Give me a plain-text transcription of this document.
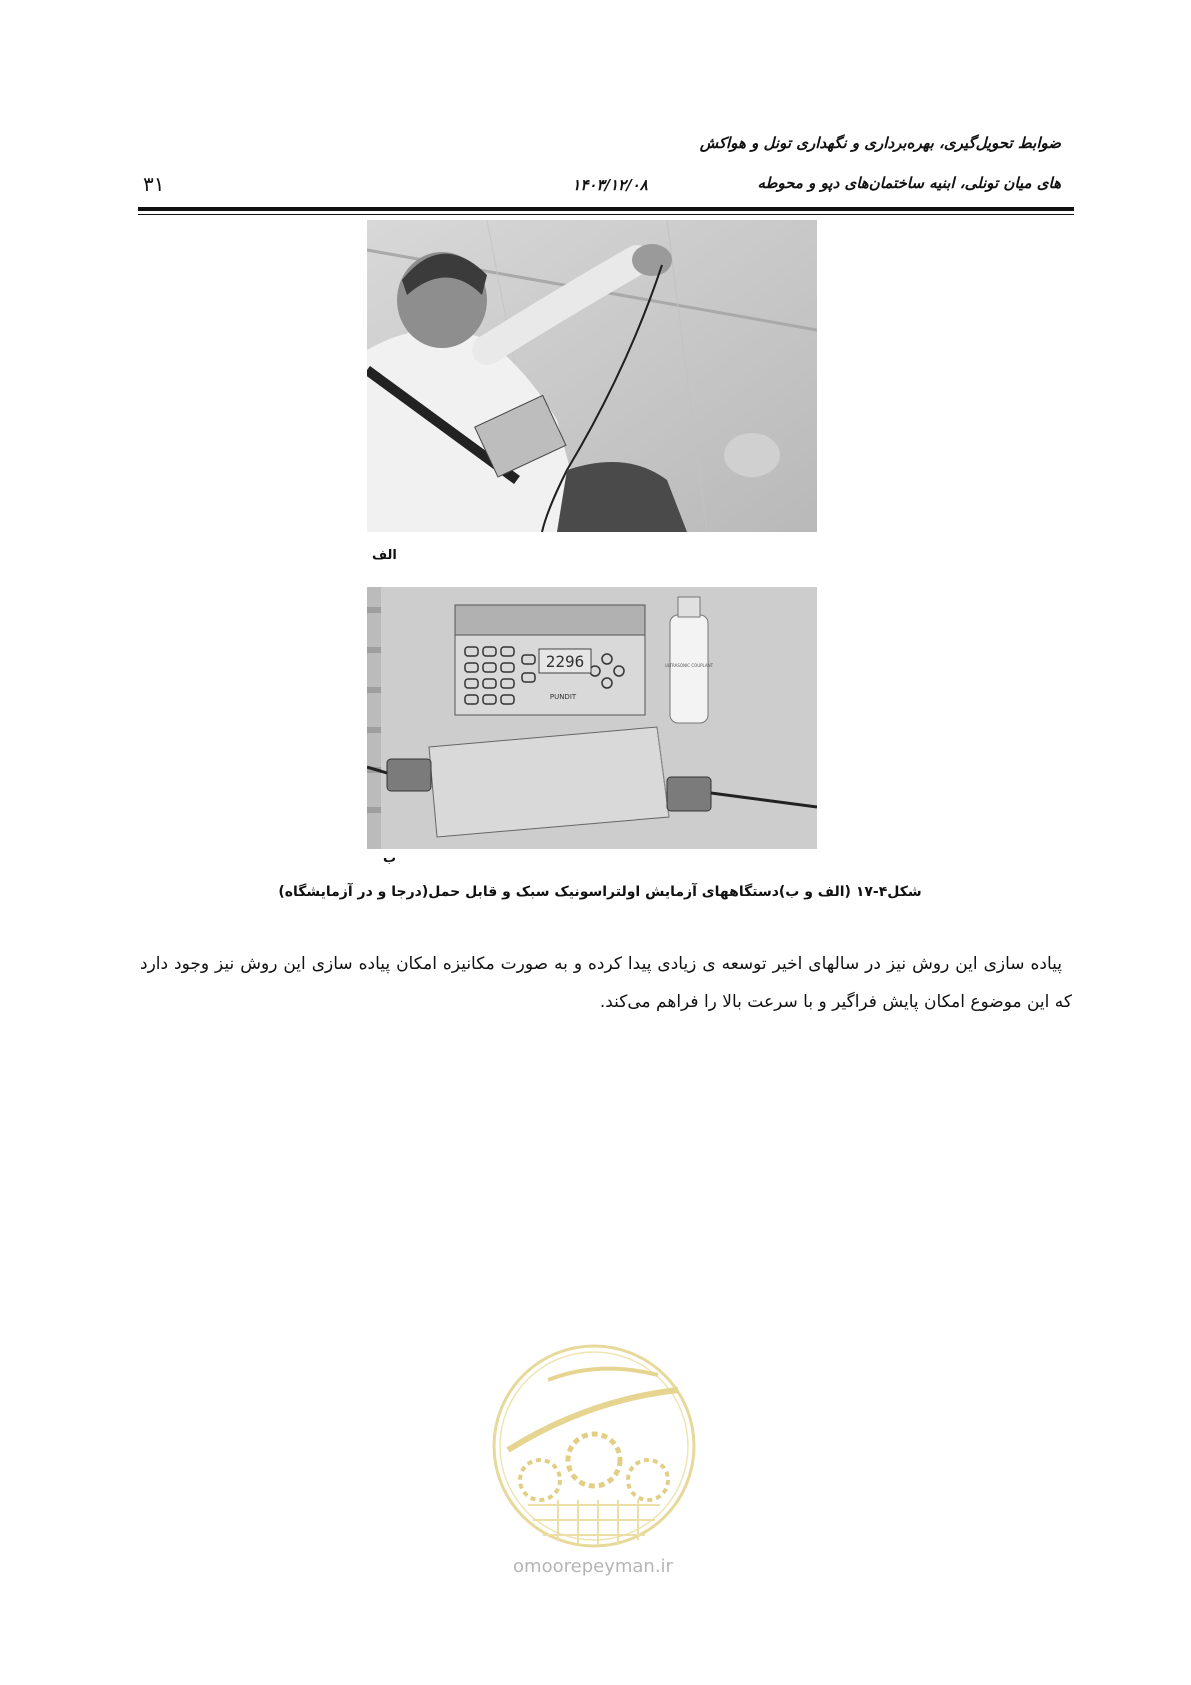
ضوابط تحویل‌گیری، بهره‌برداری و نگهداری تونل و هواکش
های میان تونلی، ابنیه ساختمان‌های دپو و محوطه
۱۴۰۳/۱۲/۰۸
۳۱
الف
2296
PUNDIT
ULTRASONIC COUPLANT
ب
شکل۴-۱۷ (الف و ب)دستگاههای آزمایش اولتراسونیک سبک و قابل حمل(درجا و در آزمایشگاه)
پیاده سازی این روش نیز در سالهای اخیر توسعه ی زیادی پیدا کرده و به صورت مکانیزه امکان پیاده سازی این روش نیز وجود دارد که این موضوع امکان پایش فراگیر و با سرعت بالا را فراهم می‌کند.
omoorepeyman.ir
